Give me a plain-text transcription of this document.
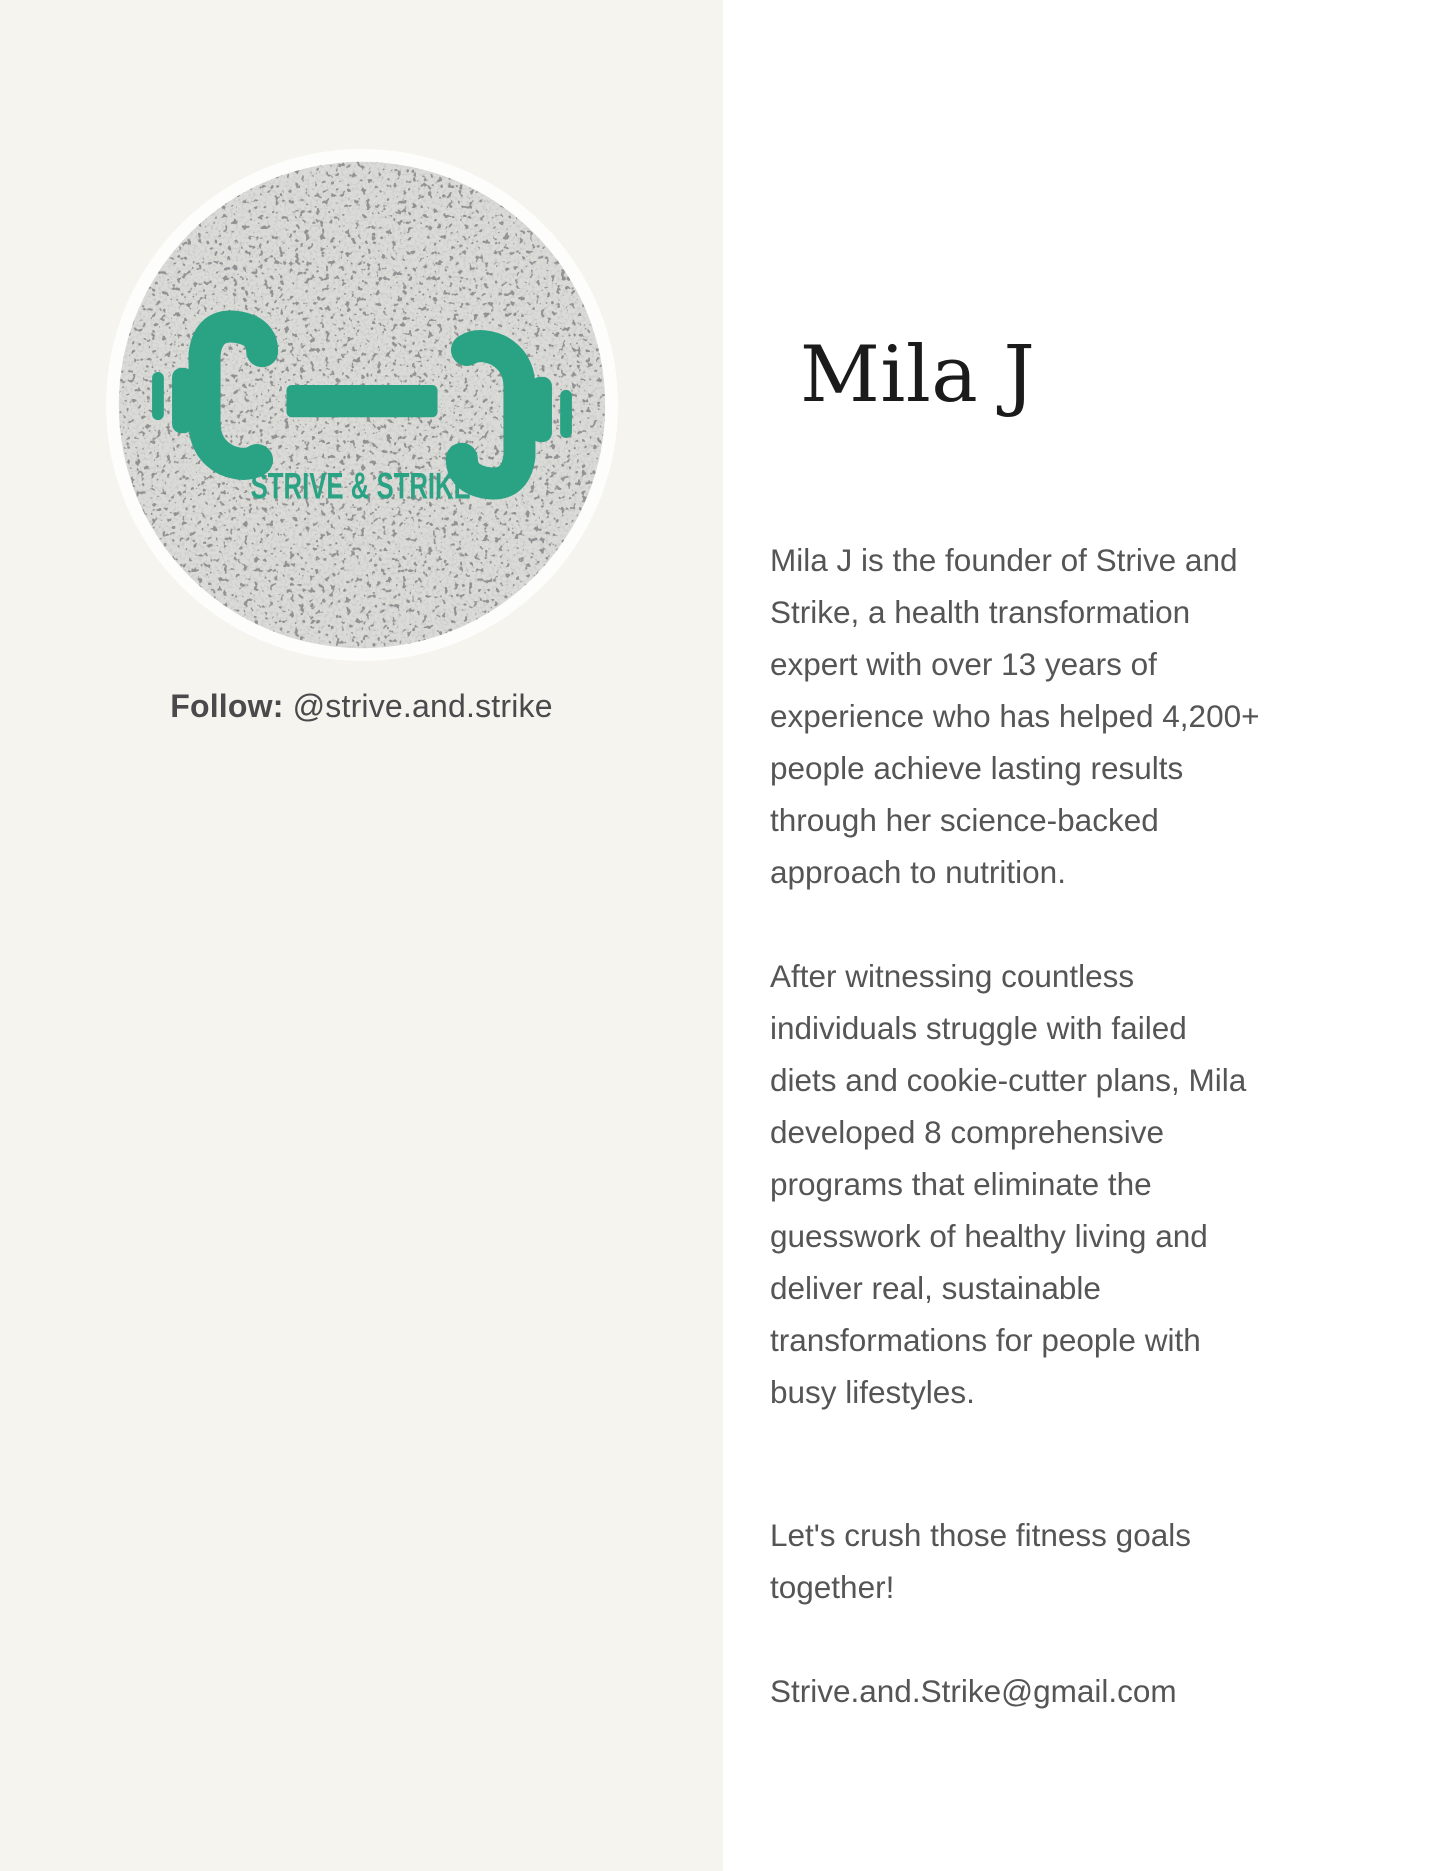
STRIVE & STRIKE

Follow: @strive.and.strike

Mila J

Mila J is the founder of Strive and Strike, a health transformation expert with over 13 years of experience who has helped 4,200+ people achieve lasting results through her science-backed approach to nutrition.

After witnessing countless individuals struggle with failed diets and cookie-cutter plans, Mila developed 8 comprehensive programs that eliminate the guesswork of healthy living and deliver real, sustainable transformations for people with busy lifestyles.

Let's crush those fitness goals together!

Strive.and.Strike@gmail.com
